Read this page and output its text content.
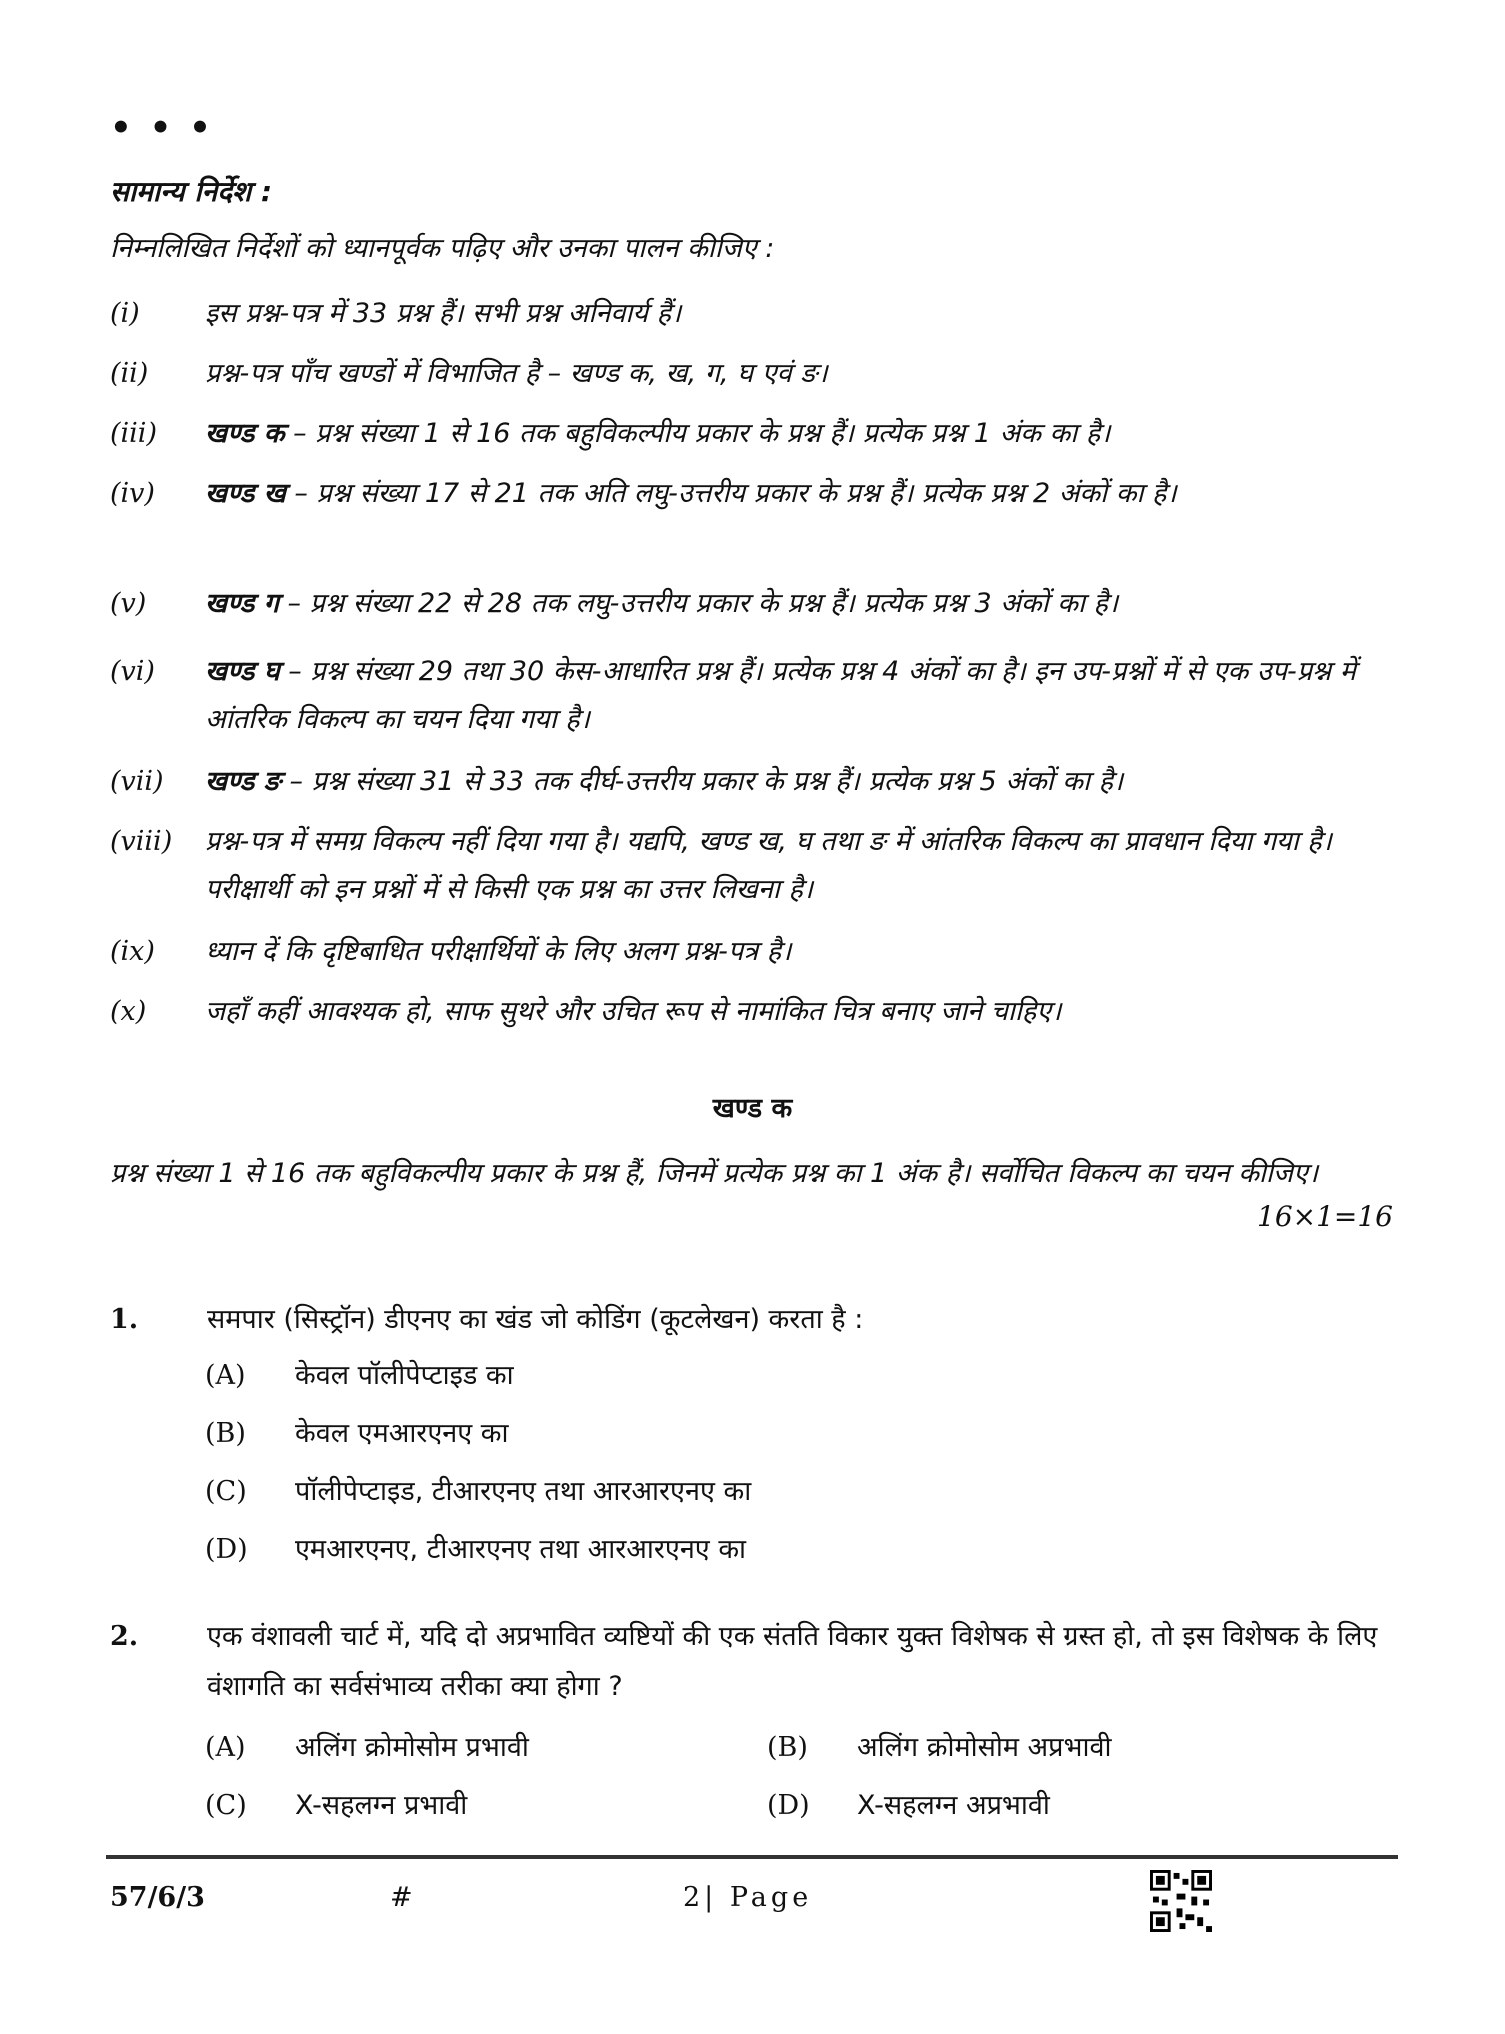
• • •
सामान्य निर्देश :
निम्नलिखित निर्देशों को ध्यानपूर्वक पढ़िए और उनका पालन कीजिए :
(i) इस प्रश्न-पत्र में 33 प्रश्न हैं। सभी प्रश्न अनिवार्य हैं।
(ii) प्रश्न-पत्र पाँच खण्डों में विभाजित है – खण्ड क, ख, ग, घ एवं ङ।
(iii) खण्ड क – प्रश्न संख्या 1 से 16 तक बहुविकल्पीय प्रकार के प्रश्न हैं। प्रत्येक प्रश्न 1 अंक का है।
(iv) खण्ड ख – प्रश्न संख्या 17 से 21 तक अति लघु-उत्तरीय प्रकार के प्रश्न हैं। प्रत्येक प्रश्न 2 अंकों का है।
(v) खण्ड ग – प्रश्न संख्या 22 से 28 तक लघु-उत्तरीय प्रकार के प्रश्न हैं। प्रत्येक प्रश्न 3 अंकों का है।
(vi) खण्ड घ – प्रश्न संख्या 29 तथा 30 केस-आधारित प्रश्न हैं। प्रत्येक प्रश्न 4 अंकों का है। इन उप-प्रश्नों में से एक उप-प्रश्न में आंतरिक विकल्प का चयन दिया गया है।
(vii) खण्ड ङ – प्रश्न संख्या 31 से 33 तक दीर्घ-उत्तरीय प्रकार के प्रश्न हैं। प्रत्येक प्रश्न 5 अंकों का है।
(viii) प्रश्न-पत्र में समग्र विकल्प नहीं दिया गया है। यद्यपि, खण्ड ख, घ तथा ङ में आंतरिक विकल्प का प्रावधान दिया गया है। परीक्षार्थी को इन प्रश्नों में से किसी एक प्रश्न का उत्तर लिखना है।
(ix) ध्यान दें कि दृष्टिबाधित परीक्षार्थियों के लिए अलग प्रश्न-पत्र है।
(x) जहाँ कहीं आवश्यक हो, साफ सुथरे और उचित रूप से नामांकित चित्र बनाए जाने चाहिए।
खण्ड क
प्रश्न संख्या 1 से 16 तक बहुविकल्पीय प्रकार के प्रश्न हैं, जिनमें प्रत्येक प्रश्न का 1 अंक है। सर्वोचित विकल्प का चयन कीजिए।
16×1=16
1.	समपार (सिस्ट्रॉन) डीएनए का खंड जो कोडिंग (कूटलेखन) करता है :
(A) केवल पॉलीपेप्टाइड का
(B) केवल एमआरएनए का
(C) पॉलीपेप्टाइड, टीआरएनए तथा आरआरएनए का
(D) एमआरएनए, टीआरएनए तथा आरआरएनए का
2.	एक वंशावली चार्ट में, यदि दो अप्रभावित व्यष्टियों की एक संतति विकार युक्त विशेषक से ग्रस्त हो, तो इस विशेषक के लिए वंशागति का सर्वसंभाव्य तरीका क्या होगा ?
(A) अलिंग क्रोमोसोम प्रभावी	(B) अलिंग क्रोमोसोम अप्रभावी
(C) X-सहलग्न प्रभावी	(D) X-सहलग्न अप्रभावी
57/6/3	#	2| Page
